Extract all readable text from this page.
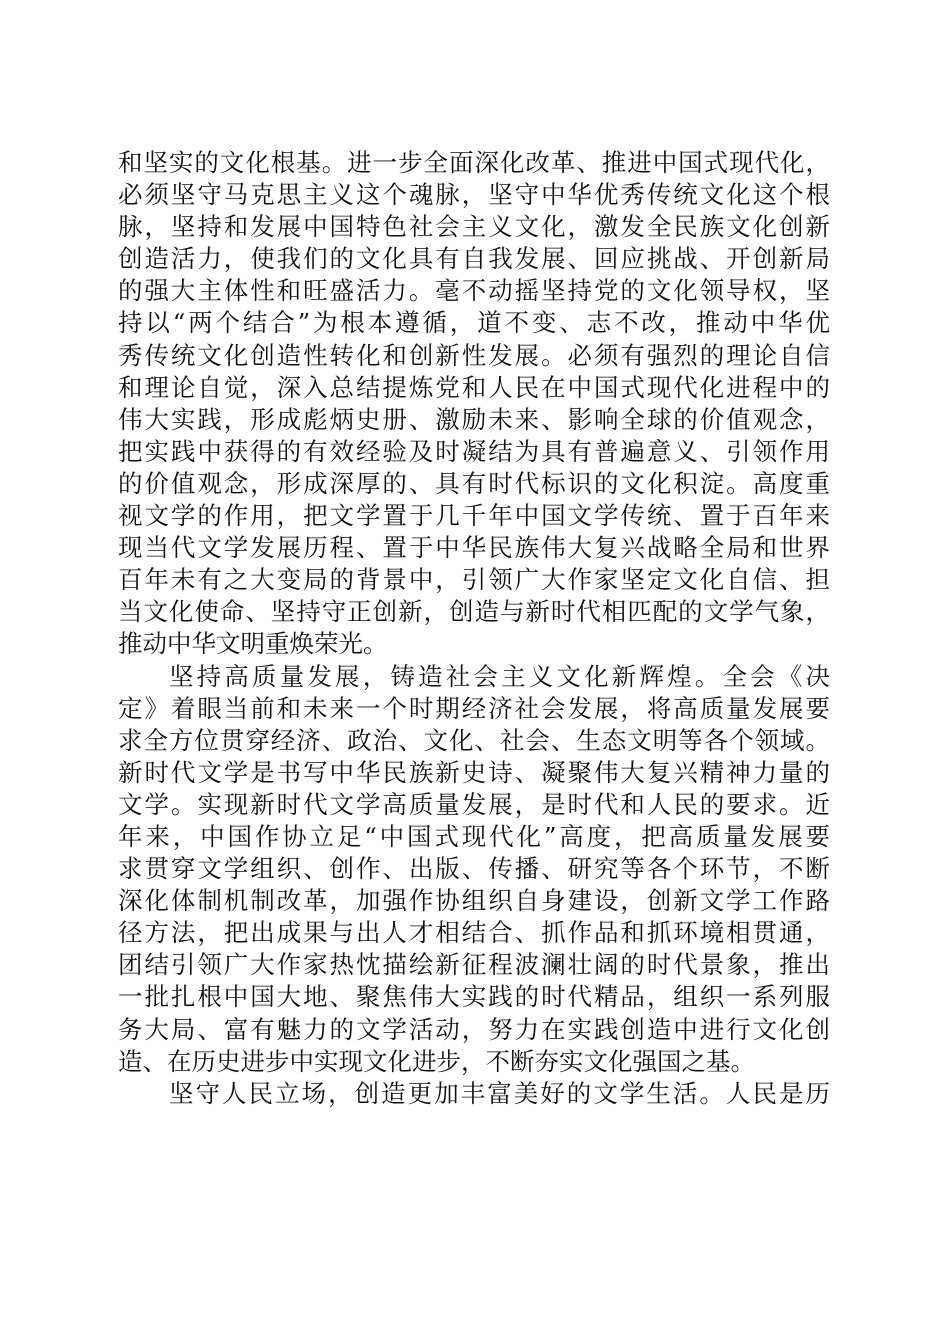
和坚实的文化根基。进一步全面深化改革、推进中国式现代化，
必须坚守马克思主义这个魂脉，坚守中华优秀传统文化这个根
脉，坚持和发展中国特色社会主义文化，激发全民族文化创新
创造活力，使我们的文化具有自我发展、回应挑战、开创新局
的强大主体性和旺盛活力。毫不动摇坚持党的文化领导权，坚
持以“两个结合”为根本遵循，道不变、志不改，推动中华优
秀传统文化创造性转化和创新性发展。必须有强烈的理论自信
和理论自觉，深入总结提炼党和人民在中国式现代化进程中的
伟大实践，形成彪炳史册、激励未来、影响全球的价值观念，
把实践中获得的有效经验及时凝结为具有普遍意义、引领作用
的价值观念，形成深厚的、具有时代标识的文化积淀。高度重
视文学的作用，把文学置于几千年中国文学传统、置于百年来
现当代文学发展历程、置于中华民族伟大复兴战略全局和世界
百年未有之大变局的背景中，引领广大作家坚定文化自信、担
当文化使命、坚持守正创新，创造与新时代相匹配的文学气象，
推动中华文明重焕荣光。
坚持高质量发展，铸造社会主义文化新辉煌。全会《决
定》着眼当前和未来一个时期经济社会发展，将高质量发展要
求全方位贯穿经济、政治、文化、社会、生态文明等各个领域。
新时代文学是书写中华民族新史诗、凝聚伟大复兴精神力量的
文学。实现新时代文学高质量发展，是时代和人民的要求。近
年来，中国作协立足“中国式现代化”高度，把高质量发展要
求贯穿文学组织、创作、出版、传播、研究等各个环节，不断
深化体制机制改革，加强作协组织自身建设，创新文学工作路
径方法，把出成果与出人才相结合、抓作品和抓环境相贯通，
团结引领广大作家热忱描绘新征程波澜壮阔的时代景象，推出
一批扎根中国大地、聚焦伟大实践的时代精品，组织一系列服
务大局、富有魅力的文学活动，努力在实践创造中进行文化创
造、在历史进步中实现文化进步，不断夯实文化强国之基。
坚守人民立场，创造更加丰富美好的文学生活。人民是历
